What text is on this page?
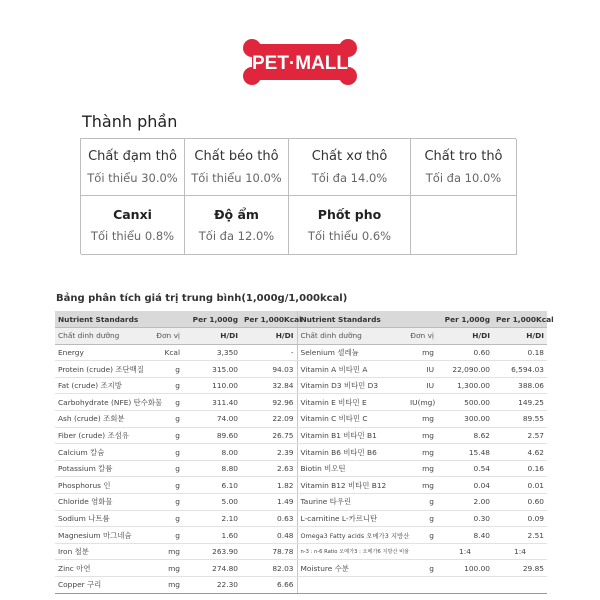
PET·MALL
Thành phần
Chất đạm thô
Tối thiểu 30.0%
Chất béo thô
Tối thiểu 10.0%
Chất xơ thô
Tối đa 14.0%
Chất tro thô
Tối đa 10.0%
Canxi
Tối thiểu 0.8%
Độ ẩm
Tối đa 12.0%
Phốt pho
Tối thiểu 0.6%
Bảng phân tích giá trị trung bình(1,000g/1,000kcal)
Nutrient Standards		Per 1,000g	Per 1,000Kcal	Nutrient Standards		Per 1,000g	Per 1,000Kcal
Chất dinh dưỡng	Đơn vị	H/DI	H/DI	Chất dinh dưỡng	Đơn vị	H/DI	H/DI
Energy	Kcal	3,350	-	Selenium 셀레늄	mg	0.60	0.18
Protein (crude) 조단백질	g	315.00	94.03	Vitamin A 비타민 A	IU	22,090.00	6,594.03
Fat (crude) 조지방	g	110.00	32.84	Vitamin D3 비타민 D3	IU	1,300.00	388.06
Carbohydrate (NFE) 탄수화물	g	311.40	92.96	Vitamin E 비타민 E	IU(mg)	500.00	149.25
Ash (crude) 조회분	g	74.00	22.09	Vitamin C 비타민 C	mg	300.00	89.55
Fiber (crude) 조섬유	g	89.60	26.75	Vitamin B1 비타민 B1	mg	8.62	2.57
Calcium 칼슘	g	8.00	2.39	Vitamin B6 비타민 B6	mg	15.48	4.62
Potassium 칼륨	g	8.80	2.63	Biotin 비오틴	mg	0.54	0.16
Phosphorus 인	g	6.10	1.82	Vitamin B12 비타민 B12	mg	0.04	0.01
Chloride 염화물	g	5.00	1.49	Taurine 타우린	g	2.00	0.60
Sodium 나트륨	g	2.10	0.63	L-carnitine L-카르니탄	g	0.30	0.09
Magnesium 마그네슘	g	1.60	0.48	Omega3 Fatty acids 오메가3 지방산	g	8.40	2.51
Iron 철분	mg	263.90	78.78	n-3 : n-6 Ratio 오메가3 : 오메가6 지방산 비율		1:4	1:4
Zinc 아연	mg	274.80	82.03	Moisture 수분	g	100.00	29.85
Copper 구리	mg	22.30	6.66				
